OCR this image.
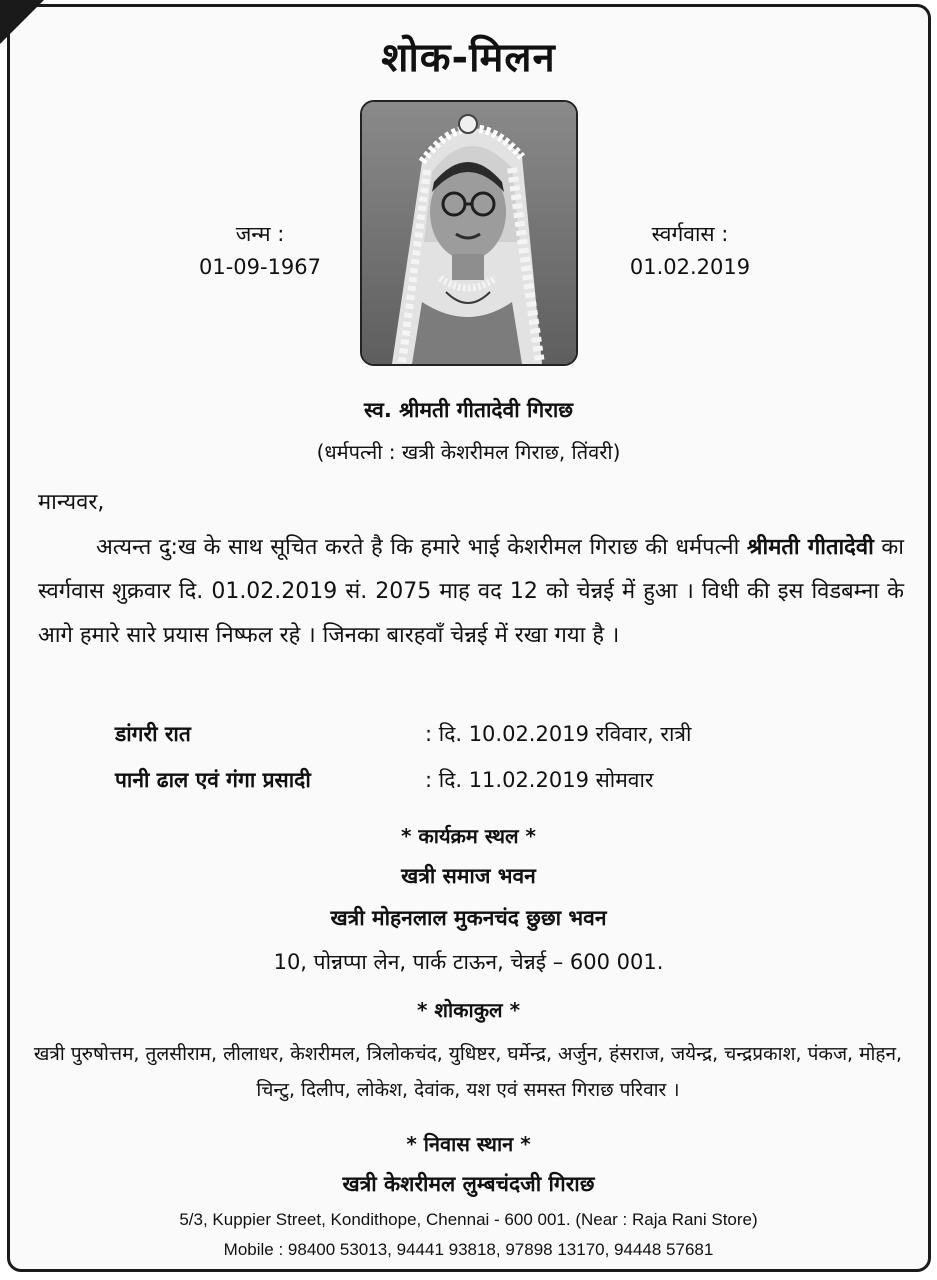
शोक-मिलन
जन्म :
01-09-1967
स्वर्गवास :
01.02.2019
स्व. श्रीमती गीतादेवी गिराछ
(धर्मपत्नी : खत्री केशरीमल गिराछ, तिंवरी)
मान्यवर,
अत्यन्त दु:ख के साथ सूचित करते है कि हमारे भाई केशरीमल गिराछ की धर्मपत्नी श्रीमती गीतादेवी का स्वर्गवास शुक्रवार दि. 01.02.2019 सं. 2075 माह वद 12 को चेन्नई में हुआ । विधी की इस विडबम्ना के आगे हमारे सारे प्रयास निष्फल रहे । जिनका बारहवाँ चेन्नई में रखा गया है ।
डांगरी रात	: दि. 10.02.2019 रविवार, रात्री
पानी ढाल एवं गंगा प्रसादी	: दि. 11.02.2019 सोमवार
* कार्यक्रम स्थल *
खत्री समाज भवन
खत्री मोहनलाल मुकनचंद छुछा भवन
10, पोन्नप्पा लेन, पार्क टाऊन, चेन्नई – 600 001.
* शोकाकुल *
खत्री पुरुषोत्तम, तुलसीराम, लीलाधर, केशरीमल, त्रिलोकचंद, युधिष्टर, घर्मेन्द्र, अर्जुन, हंसराज, जयेन्द्र, चन्द्रप्रकाश, पंकज, मोहन, चिन्टु, दिलीप, लोकेश, देवांक, यश एवं समस्त गिराछ परिवार ।
* निवास स्थान *
खत्री केशरीमल लुम्बचंदजी गिराछ
5/3, Kuppier Street, Kondithope, Chennai - 600 001. (Near : Raja Rani Store)
Mobile : 98400 53013, 94441 93818, 97898 13170, 94448 57681
